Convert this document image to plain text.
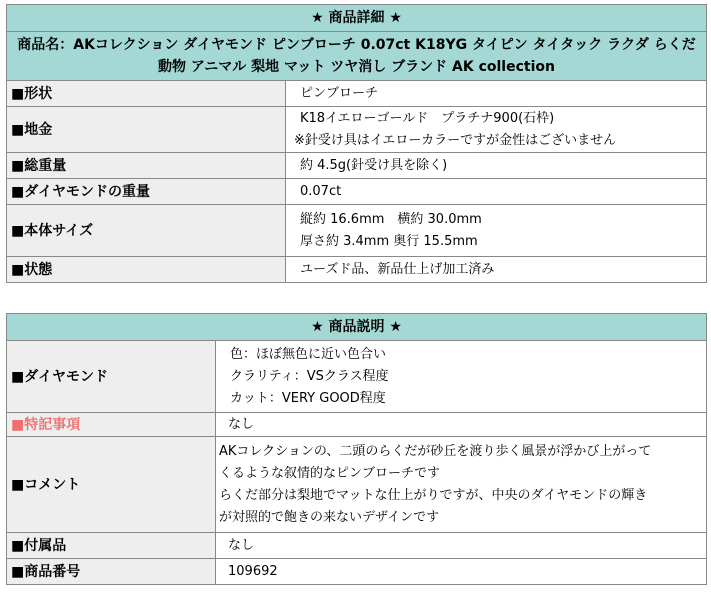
★ 商品詳細 ★	
商品名：AKコレクション ダイヤモンド ピンブローチ 0.07ct K18YG タイピン タイタック ラクダ らくだ 動物 アニマル 梨地 マット ツヤ消し ブランド AK collection	
■形状	ピンブローチ

■地金	K18イエローゴールド　プラチナ900(石枠)
※針受け具はイエローカラーですが金性はございません

■総重量	約 4.5g(針受け具を除く)

■ダイヤモンドの重量	0.07ct

■本体サイズ	縦約 16.6mm　横約 30.0mm
厚さ約 3.4mm 奥行 15.5mm

■状態	ユーズド品、新品仕上げ加工済み
★ 商品説明 ★	
■ダイヤモンド	色：ほぼ無色に近い色合い
クラリティ：VSクラス程度
カット：VERY GOOD程度

■特記事項	なし

■コメント	AKコレクションの、二頭のらくだが砂丘を渡り歩く風景が浮かび上がって
くるような叙情的なピンブローチです
らくだ部分は梨地でマットな仕上がりですが、中央のダイヤモンドの輝き
が対照的で飽きの来ないデザインです

■付属品	なし

■商品番号	109692
